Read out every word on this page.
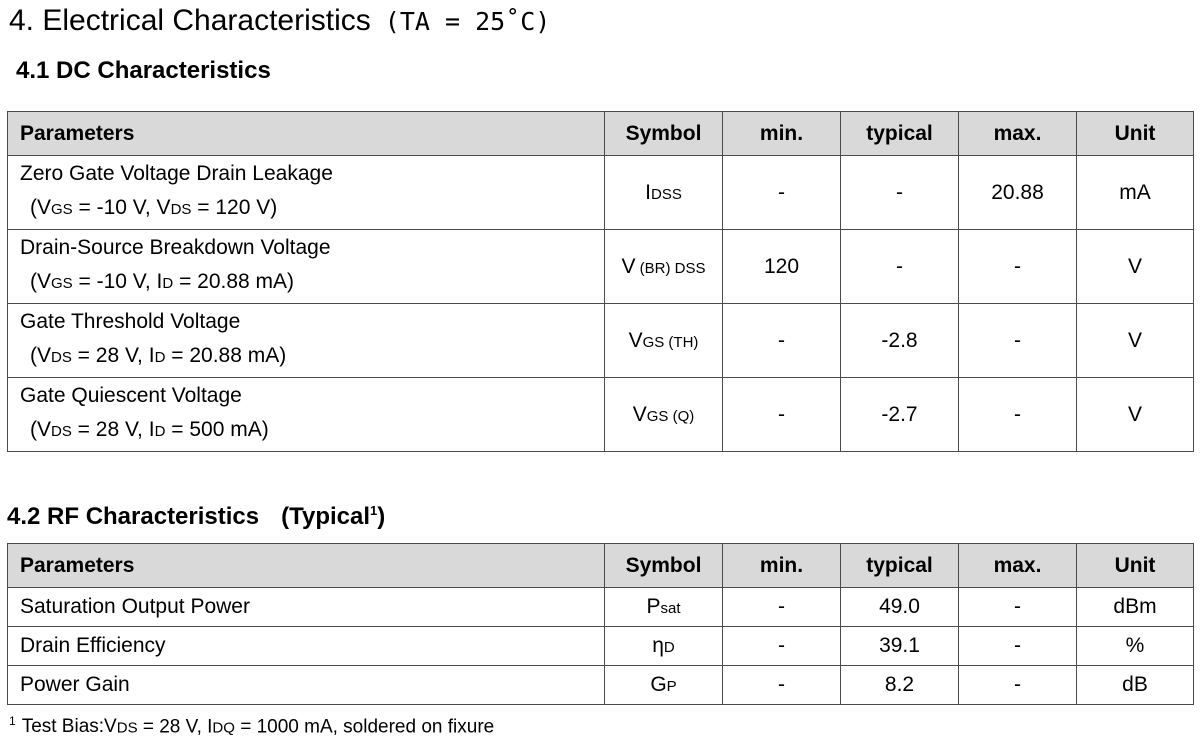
4. Electrical Characteristics (TA = 25˚C)
4.1 DC Characteristics
Parameters	Symbol	min.	typical	max.	Unit

Zero Gate Voltage Drain Leakage
(VGS = -10 V, VDS = 120 V)	IDSS	-	-	20.88	mA

Drain-Source Breakdown Voltage
(VGS = -10 V, ID = 20.88 mA)	V (BR) DSS	120	-	-	V

Gate Threshold Voltage
(VDS = 28 V, ID = 20.88 mA)	VGS (TH)	-	-2.8	-	V

Gate Quiescent Voltage
(VDS = 28 V, ID = 500 mA)	VGS (Q)	-	-2.7	-	V
4.2 RF Characteristics (Typical$^1$)
Parameters	Symbol	min.	typical	max.	Unit
Saturation Output Power	Psat	-	49.0	-	dBm
Drain Efficiency	ηD	-	39.1	-	%
Power Gain	GP	-	8.2	-	dB
$^1$ Test Bias:VDS = 28 V, IDQ = 1000 mA, soldered on fixure
